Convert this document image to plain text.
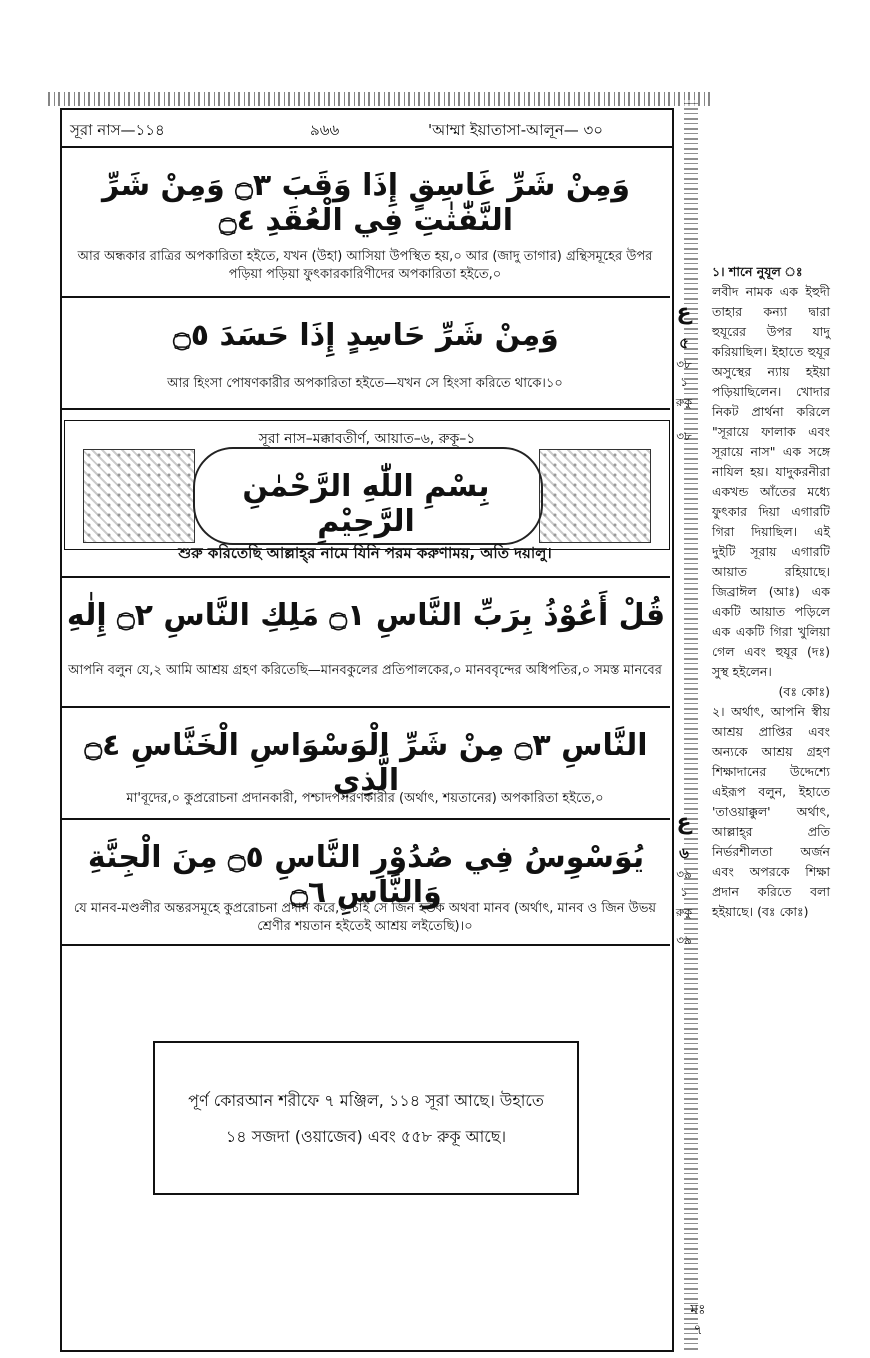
সূরা নাস—১১৪	৯৬৬	'আম্মা ইয়াতাসা-আলূন— ৩০
وَمِنْ شَرِّ غَاسِقٍ إِذَا وَقَبَ ۝٣ وَمِنْ شَرِّ النَّفّٰثٰتِ فِي الْعُقَدِ ۝٤
আর অন্ধকার রাত্রির অপকারিতা হইতে, যখন (উহা) আসিয়া উপস্থিত হয়,০ আর (জাদু তাগার) গ্রন্থিসমূহের উপর পড়িয়া পড়িয়া ফুৎকারকারিণীদের অপকারিতা হইতে,০
وَمِنْ شَرِّ حَاسِدٍ إِذَا حَسَدَ ۝٥
আর হিংসা পোষণকারীর অপকারিতা হইতে—যখন সে হিংসা করিতে থাকে।১০
সূরা নাস–মক্কাবতীর্ণ, আয়াত–৬, রুকূ–১
بِسْمِ اللّٰهِ الرَّحْمٰنِ الرَّحِيْمِ
শুরু করিতেছি আল্লাহ্‌র নামে যিনি পরম করুণাময়, অতি দয়ালু।
قُلْ أَعُوْذُ بِرَبِّ النَّاسِ ۝١ مَلِكِ النَّاسِ ۝٢ إِلٰهِ
আপনি বলুন যে,২ আমি আশ্রয় গ্রহণ করিতেছি—মানবকুলের প্রতিপালকের,০ মানববৃন্দের অধিপতির,০ সমস্ত মানবের
النَّاسِ ۝٣ مِنْ شَرِّ الْوَسْوَاسِ الْخَنَّاسِ ۝٤ الَّذِي
মা'বূদের,০ কুপ্ররোচনা প্রদানকারী, পশ্চাদপসরণকারীর (অর্থাৎ, শয়তানের) অপকারিতা হইতে,০
يُوَسْوِسُ فِي صُدُوْرِ النَّاسِ ۝٥ مِنَ الْجِنَّةِ وَالنَّاسِ ۝٦
যে মানব-মণ্ডলীর অন্তরসমূহে কুপ্ররোচনা প্রদান করে,০ চাই সে জিন হউক অথবা মানব (অর্থাৎ, মানব ও জিন উভয় শ্রেণীর শয়তান হইতেই আশ্রয় লইতেছি)।০
ع
৫
৩৮
১
রুকু
৩৮
ع
৬
৩৯
১
রুকু
৩৯

১। শানে নুযূল ঃ

লবীদ নামক এক ইহুদী তাহার কন্যা দ্বারা হুযূরের উপর যাদু করিয়াছিল। ইহাতে হুযূর অসুস্থের ন্যায় হইয়া পড়িয়াছিলেন। খোদার নিকট প্রার্থনা করিলে "সূরায়ে ফালাক এবং সূরায়ে নাস" এক সঙ্গে নাযিল হয়। যাদুকরনীরা একখন্ড আঁতের মধ্যে ফুৎকার দিয়া এগারটি গিরা দিয়াছিল। এই দুইটি সূরায় এগারটি আয়াত রহিয়াছে। জিব্রাঈল (আঃ) এক একটি আয়াত পড়িলে এক একটি গিরা খুলিয়া গেল এবং হুযূর (দঃ) সুস্থ হইলেন।

(বঃ কোঃ)

২। অর্থাৎ, আপনি স্বীয় আশ্রয় প্রাপ্তির এবং অন্যকে আশ্রয় গ্রহণ শিক্ষাদানের উদ্দেশ্যে এইরূপ বলুন, ইহাতে 'তাওয়াক্কুল' অর্থাৎ, আল্লাহ্‌র প্রতি নির্ভরশীলতা অর্জন এবং অপরকে শিক্ষা প্রদান করিতে বলা হইয়াছে। (বঃ কোঃ)

পূর্ণ কোরআন শরীফে ৭ মঞ্জিল, ১১৪ সূরা আছে। উহাতে
১৪ সজদা (ওয়াজেব) এবং ৫৫৮ রুকূ আছে।
মঃ
৭
